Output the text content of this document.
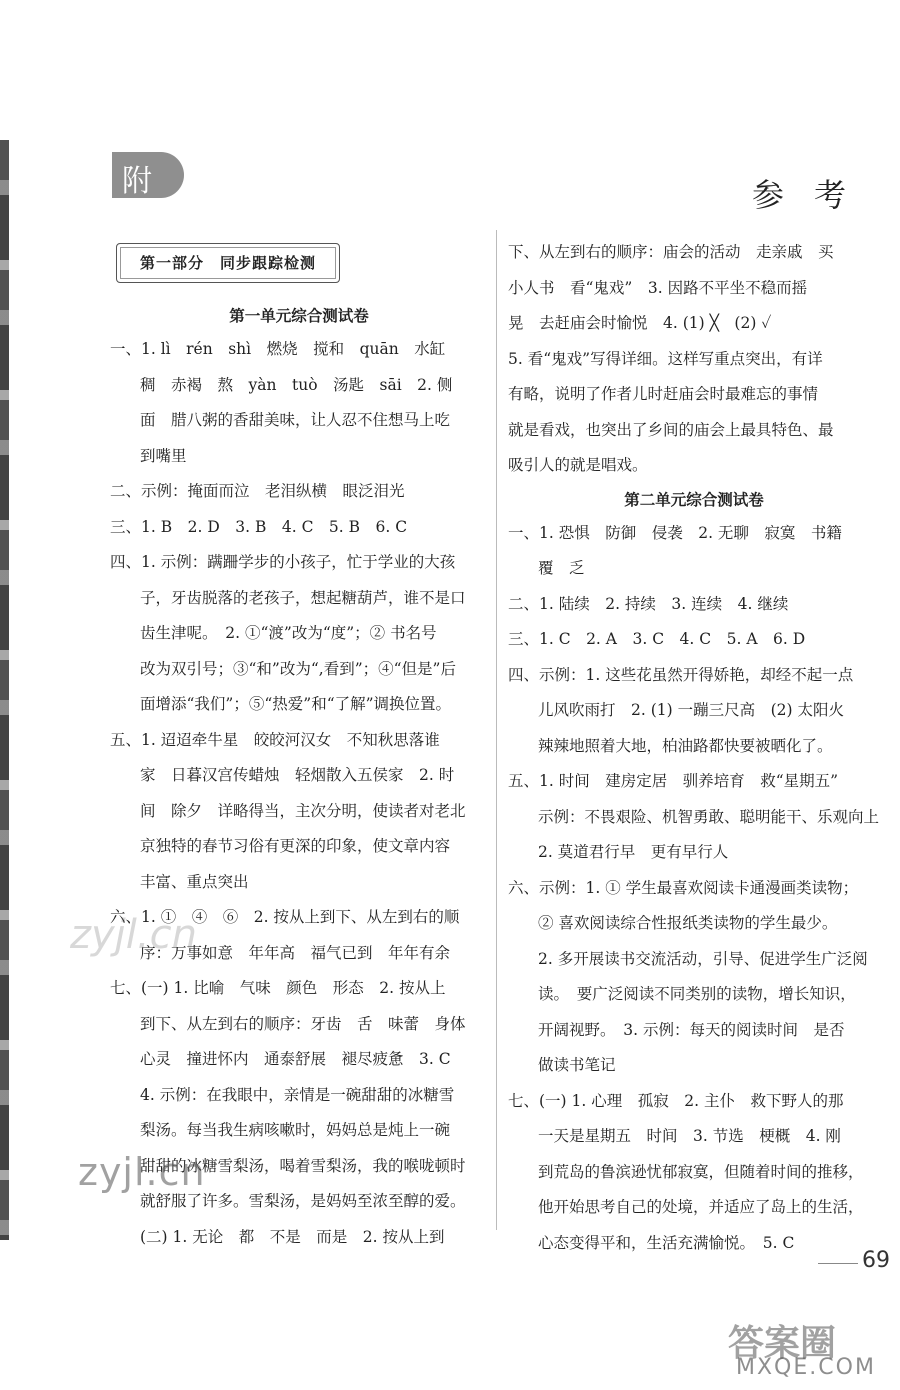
附	参考
第一部分　同步跟踪检测
第一单元综合测试卷
一、1. lì　rén　shì　燃烧　搅和　quān　水缸
稠　赤褐　熬　yàn　tuò　汤匙　sāi　2. 侧
面　腊八粥的香甜美味，让人忍不住想马上吃
到嘴里
二、示例：掩面而泣　老泪纵横　眼泛泪光
三、1. B　2. D　3. B　4. C　5. B　6. C
四、1. 示例：蹒跚学步的小孩子，忙于学业的大孩
子，牙齿脱落的老孩子，想起糖葫芦，谁不是口
齿生津呢。　2. ①“渡”改为“度”；② 书名号
改为双引号；③“和”改为“,看到”；④“但是”后
面增添“我们”；⑤“热爱”和“了解”调换位置。
五、1. 迢迢牵牛星　皎皎河汉女　不知秋思落谁
家　日暮汉宫传蜡烛　轻烟散入五侯家　2. 时
间　除夕　详略得当，主次分明，使读者对老北
京独特的春节习俗有更深的印象，使文章内容
丰富、重点突出
六、1. ①　④　⑥　2. 按从上到下、从左到右的顺
序：万事如意　年年高　福气已到　年年有余
七、(一) 1. 比喻　气味　颜色　形态　2. 按从上
到下、从左到右的顺序：牙齿　舌　味蕾　身体
心灵　撞进怀内　通泰舒展　褪尽疲惫　3. C
4. 示例：在我眼中，亲情是一碗甜甜的冰糖雪
梨汤。每当我生病咳嗽时，妈妈总是炖上一碗
甜甜的冰糖雪梨汤，喝着雪梨汤，我的喉咙顿时
就舒服了许多。雪梨汤，是妈妈至浓至醇的爱。
(二) 1. 无论　都　不是　而是　2. 按从上到
下、从左到右的顺序：庙会的活动　走亲戚　买
小人书　看“鬼戏”　3. 因路不平坐不稳而摇
晃　去赶庙会时愉悦　4. (1) ╳　(2) ✓
5. 看“鬼戏”写得详细。这样写重点突出，有详
有略，说明了作者儿时赶庙会时最难忘的事情
就是看戏，也突出了乡间的庙会上最具特色、最
吸引人的就是唱戏。
第二单元综合测试卷
一、1. 恐惧　防御　侵袭　2. 无聊　寂寞　书籍
覆　乏
二、1. 陆续　2. 持续　3. 连续　4. 继续
三、1. C　2. A　3. C　4. C　5. A　6. D
四、示例：1. 这些花虽然开得娇艳，却经不起一点
儿风吹雨打　2. (1) 一蹦三尺高　(2) 太阳火
辣辣地照着大地，柏油路都快要被晒化了。
五、1. 时间　建房定居　驯养培育　救“星期五”
示例：不畏艰险、机智勇敢、聪明能干、乐观向上
2. 莫道君行早　更有早行人
六、示例：1. ① 学生最喜欢阅读卡通漫画类读物；
② 喜欢阅读综合性报纸类读物的学生最少。
2. 多开展读书交流活动，引导、促进学生广泛阅
读。　要广泛阅读不同类别的读物，增长知识，
开阔视野。　3. 示例：每天的阅读时间　是否
做读书笔记
七、(一) 1. 心理　孤寂　2. 主仆　救下野人的那
一天是星期五　时间　3. 节选　梗概　4. 刚
到荒岛的鲁滨逊忧郁寂寞，但随着时间的推移，
他开始思考自己的处境，并适应了岛上的生活，
心态变得平和，生活充满愉悦。　5. C
69
zyjl.cn
zyjl.cn
答案圈
MXQE.COM
